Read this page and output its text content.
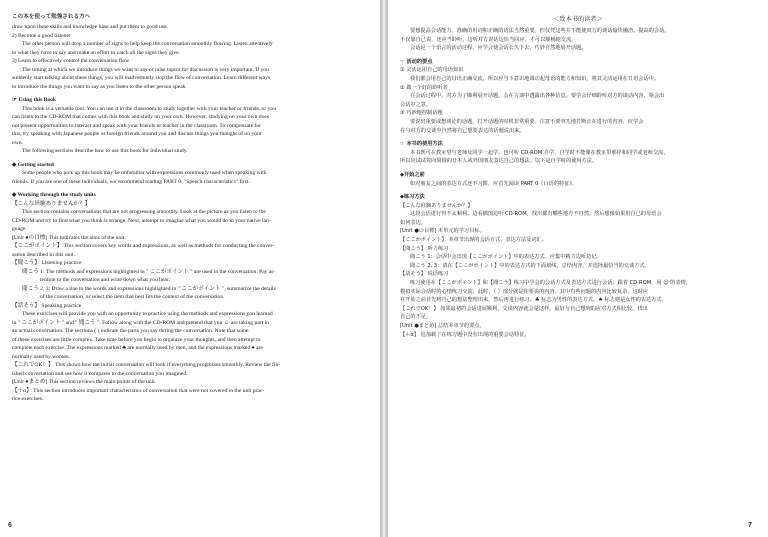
この本を使って勉強される方へ
draw upon these skills and knowledge base and put them to good use.
2) Become a good listener
The other person will drop a number of signs to help keep the conversation smoothly flowing. Listen attentively
to what they have to say and make an effort to catch all the signs they give.
3) Learn to effectively control the conversation flow
The timing at which we introduce things we want to say or raise topics for discussion is very important. If you
suddenly start talking about these things, you will inadvertently stop the flow of conversation. Learn different ways
to introduce the things you want to say as you listen to the other person speak.
☞ Using this Book
This book is a versatile tool. You can use it in the classroom to study together with your teacher or friends, or you
can listen to the CD-ROM that comes with this book and study on your own. However, studying on your own does
not present opportunities to interact and speak with your friends or teacher in the classroom. To compensate for
this, try speaking with Japanese people or foreign friends around you and discuss things you thought of on your
own.
The following sections describe how to use this book for individual study.
◆ Getting started
Some people who pick up this book may be unfamiliar with expressions commonly used when speaking with
friends. If you are one of these individuals, we recommend reading PART 0: "Speech characteristics" first.
◆ Working through the study units
【こんな経験ありませんか？】
This section contains conversations that are not progressing smoothly. Look at the picture as you listen to the
CD-ROM and try to find what you think is strange. Next, attempt to imagine what you would do in your native lan-
guage.
[Unit ●の目標] This indicates the aims of the unit.
【ここがポイント】 This section covers key words and expressions, as well as methods for conducting the conver-
sation described in this unit.
【聞こう】 Listening practice
聞こう 1: The methods and expressions highlighted in " ここがポイント " are used in the conversation. Pay at-
tention to the conversation and write down what you hear.
聞こう 2, 3: Draw a line to the words and expressions highlighted in " ここがポイント ", summarize the details
of the conversation, or select the item that best fits the context of the conversation.
【話そう】 Speaking practice
These exercises will provide you with an opportunity to practice using the methods and expressions you learned
in " ここがポイント " and " 聞こう ". Follow along with the CD-ROM and pretend that you ☺ are taking part in
an actual conversation. The sections ( ) indicate the parts you say during the conversation. Note that some
of these exercises are little complex. Take time before you begin to organize your thoughts, and then attempt to
complete each exercise. The expressions marked ♣ are normally used by men, and the expressions marked ♠ are
normally used by women.
【これでOK！】 This shows how the initial conversation will look if everything progresses smoothly. Review the fin-
ished conversation and see how it compares to the conversation you imagined.
[Unit ●まとめ] This section reviews the main points of the unit.
【＋α】 This section introduces important characteristics of conversation that were not covered in the unit prac-
tice exercises.
6
＜致本书的读者＞
要想提高会话能力，准确的用词和正确的语法当然重要。但仅凭这些并不能使双方的谈话愉快融洽。提高的会话，
不仅靠自己说，还应当聆听，边听对方说话边恰当回应，才可以顺畅地交流。
会话是一个语言的活动过程，应学会使会话长久下去，巧妙自然地展开话题。
☞ 活动的要点
① 灵活运用自己的母语知识
我们都会用自己的母语正确交流，所以应当下意识地调动起母语的能力和知识，将其灵活运用在日语会话中。
② 做一个好的聆听者
在会话过程中，对方为了顺利展开话题，会在言谈中透露出各种信息。要学会仔细聆听对方的谈话内容，领会出
会话中之意。
③ 巧妙地控制话题
要说出重要或想谈论的话题，打开话题的时机非常重要。注意不要突兀地打断正在进行的内容，应学会
在与对方的交谈中自然将自己想要表达的话题说出来。
☞ 本书的使用方法
本书既可在教室里与老师及同学一起学，也可听 CD-ROM 自学。自学时不能像在教室里那样和同学或老师交流，
所以应试试着向周围的日本人或外国朋友表达自己的想法。以下是自学时的使用方法。
◆开始之前
如对朋友之间的表达方式还不习惯，应首先阅读 PART 0《口语的特征》。
◆练习方法
【こんな経験ありませんか？】
这段会话进行得不太顺利。边看插图边听 CD-ROM，找出都有哪些地方不自然。然后想像如果用自己的母语会
如何表达。
[Unit ●の目標] 本单元的学习目标。
【ここがポイント】 本章节出现的会话方式、表达方法及词汇。
【聞こう】 听力练习
聞こう 1：会话中会出现【ここがポイント】中的表达方式。应集中精力边听边记。
聞こう 2, 3：请在【ここがポイント】中的表达方式的下面划线，总结内容，并选择最恰当的交谈方式。
【話そう】 说话练习
练习使用在【ここがポイント】和【聞こう】练习中学会的会话方式及表达方式进行会话。跟着 CD-ROM，用 ☺ 的表情，
模拟实际会话时的心情练习交流。此时，（ ）部分就是你要说的内容。其中有些问题的内容比较复杂，这时应
在开始之前首先将自己的想法整理出来，然后再进行练习。♣ 标志为男性的表达方式，♠ 标志则是女性的表达方式。
【これでOK！】 如果最初的会话进展顺利，交谈内容就会是这样。最好与自己想到的应对方式相比较，找出
自己的不足。
[Unit ●まとめ] 总结本章节的要点。
【＋α】 追加载了在练习题中没有出现的重要会话特征。
7
